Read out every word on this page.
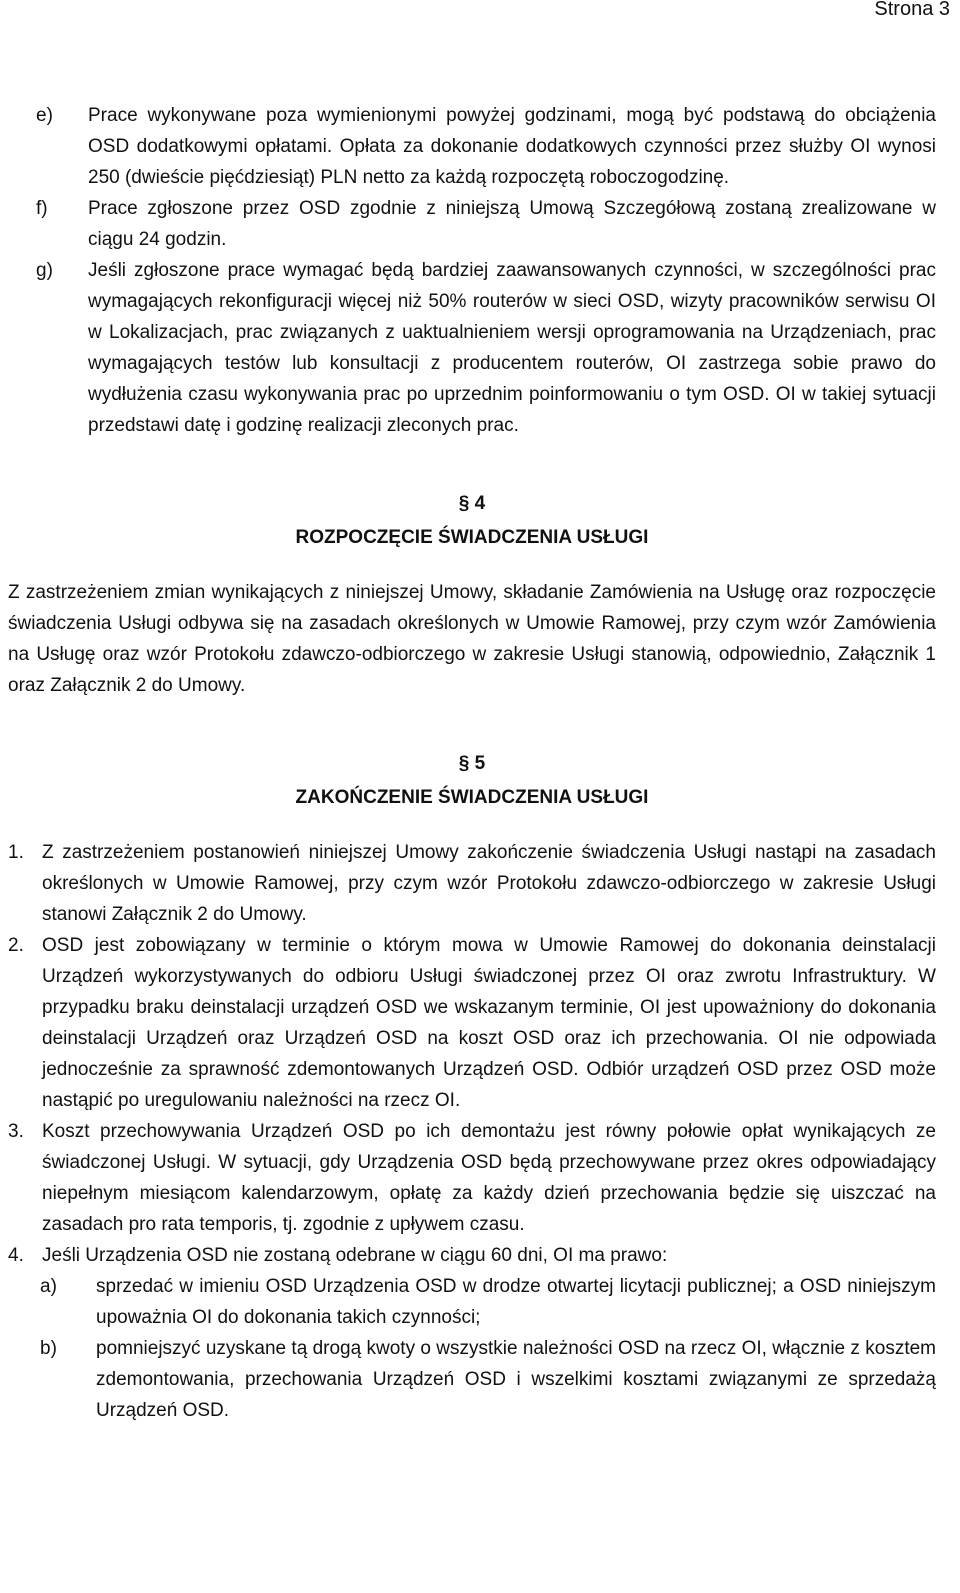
Strona 3
e)	Prace wykonywane poza wymienionymi powyżej godzinami, mogą być podstawą do obciążenia OSD dodatkowymi opłatami. Opłata za dokonanie dodatkowych czynności przez służby OI wynosi 250 (dwieście pięćdziesiąt) PLN netto za każdą rozpoczętą roboczogodzinę.
f)	Prace zgłoszone przez OSD zgodnie z niniejszą Umową Szczegółową zostaną zrealizowane w ciągu 24 godzin.
g)	Jeśli zgłoszone prace wymagać będą bardziej zaawansowanych czynności, w szczególności prac wymagających rekonfiguracji więcej niż 50% routerów w sieci OSD, wizyty pracowników serwisu OI w Lokalizacjach, prac związanych z uaktualnieniem wersji oprogramowania na Urządzeniach, prac wymagających testów lub konsultacji z producentem routerów, OI zastrzega sobie prawo do wydłużenia czasu wykonywania prac po uprzednim poinformowaniu o tym OSD. OI w takiej sytuacji przedstawi datę i godzinę realizacji zleconych prac.
§ 4
ROZPOCZĘCIE ŚWIADCZENIA USŁUGI
Z zastrzeżeniem zmian wynikających z niniejszej Umowy, składanie Zamówienia na Usługę oraz rozpoczęcie świadczenia Usługi odbywa się na zasadach określonych w Umowie Ramowej, przy czym wzór Zamówienia na Usługę oraz wzór Protokołu zdawczo-odbiorczego w zakresie Usługi stanowią, odpowiednio, Załącznik 1 oraz Załącznik 2 do Umowy.
§ 5
ZAKOŃCZENIE ŚWIADCZENIA USŁUGI
1. Z zastrzeżeniem postanowień niniejszej Umowy zakończenie świadczenia Usługi nastąpi na zasadach określonych w Umowie Ramowej, przy czym wzór Protokołu zdawczo-odbiorczego w zakresie Usługi stanowi Załącznik 2 do Umowy.
2. OSD jest zobowiązany w terminie o którym mowa w Umowie Ramowej do dokonania deinstalacji Urządzeń wykorzystywanych do odbioru Usługi świadczonej przez OI oraz zwrotu Infrastruktury. W przypadku braku deinstalacji urządzeń OSD we wskazanym terminie, OI jest upoważniony do dokonania deinstalacji Urządzeń oraz Urządzeń OSD na koszt OSD oraz ich przechowania. OI nie odpowiada jednocześnie za sprawność zdemontowanych Urządzeń OSD. Odbiór urządzeń OSD przez OSD może nastąpić po uregulowaniu należności na rzecz OI.
3. Koszt przechowywania Urządzeń OSD po ich demontażu jest równy połowie opłat wynikających ze świadczonej Usługi. W sytuacji, gdy Urządzenia OSD będą przechowywane przez okres odpowiadający niepełnym miesiącom kalendarzowym, opłatę za każdy dzień przechowania będzie się uiszczać na zasadach pro rata temporis, tj. zgodnie z upływem czasu.
4. Jeśli Urządzenia OSD nie zostaną odebrane w ciągu 60 dni, OI ma prawo:
a)	sprzedać w imieniu OSD Urządzenia OSD w drodze otwartej licytacji publicznej; a OSD niniejszym upoważnia OI do dokonania takich czynności;
b)	pomniejszyć uzyskane tą drogą kwoty o wszystkie należności OSD na rzecz OI, włącznie z kosztem zdemontowania, przechowania Urządzeń OSD i wszelkimi kosztami związanymi ze sprzedażą Urządzeń OSD.
